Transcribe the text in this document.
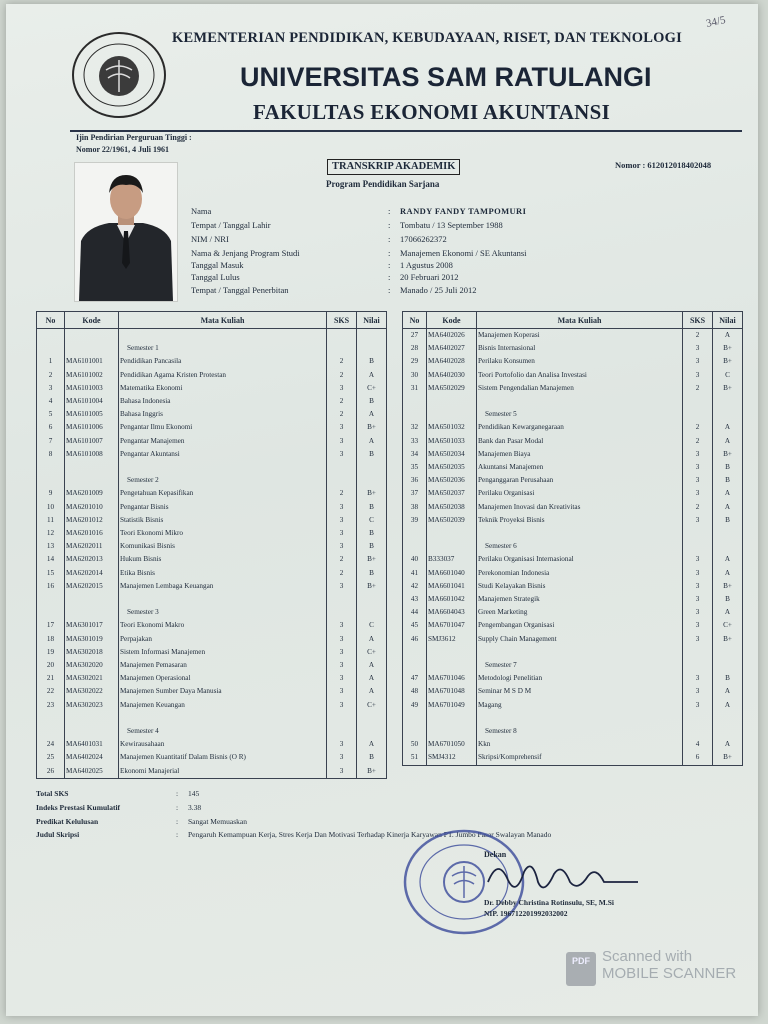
34/5
KEMENTERIAN PENDIDIKAN, KEBUDAYAAN, RISET, DAN TEKNOLOGI
UNIVERSITAS SAM RATULANGI
FAKULTAS EKONOMI AKUNTANSI
Ijin Pendirian Perguruan Tinggi :
Nomor 22/1961, 4 Juli 1961
TRANSKRIP AKADEMIK
Program Pendidikan Sarjana
Nomor : 612012018402048
Nama	: RANDY FANDY TAMPOMURI
Tempat / Tanggal Lahir	: Tombatu / 13 September 1988
NIM / NRI	: 17066262372
Nama & Jenjang Program Studi	: Manajemen Ekonomi / SE Akuntansi
Tanggal Masuk	: 1 Agustus 2008
Tanggal Lulus	: 20 Februari 2012
Tempat / Tanggal Penerbitan	: Manado / 25 Juli 2012
No	Kode	Mata Kuliah	SKS	Nilai

		Semester 1		
1	MA6101001	Pendidikan Pancasila	2	B
2	MA6101002	Pendidikan Agama Kristen Protestan	2	A
3	MA6101003	Matematika Ekonomi	3	C+
4	MA6101004	Bahasa Indonesia	2	B
5	MA6101005	Bahasa Inggris	2	A
6	MA6101006	Pengantar Ilmu Ekonomi	3	B+
7	MA6101007	Pengantar Manajemen	3	A
8	MA6101008	Pengantar Akuntansi	3	B

		Semester 2		
9	MA6201009	Pengetahuan Kepasifikan	2	B+
10	MA6201010	Pengantar Bisnis	3	B
11	MA6201012	Statistik Bisnis	3	C
12	MA6201016	Teori Ekonomi Mikro	3	B
13	MA6202011	Komunikasi Bisnis	3	B
14	MA6202013	Hukum Bisnis	2	B+
15	MA6202014	Etika Bisnis	2	B
16	MA6202015	Manajemen Lembaga Keuangan	3	B+

		Semester 3		
17	MA6301017	Teori Ekonomi Makro	3	C
18	MA6301019	Perpajakan	3	A
19	MA6302018	Sistem Informasi Manajemen	3	C+
20	MA6302020	Manajemen Pemasaran	3	A
21	MA6302021	Manajemen Operasional	3	A
22	MA6302022	Manajemen Sumber Daya Manusia	3	A
23	MA6302023	Manajemen Keuangan	3	C+

		Semester 4		
24	MA6401031	Kewirausahaan	3	A
25	MA6402024	Manajemen Kuantitatif Dalam Bisnis (O R)	3	B
26	MA6402025	Ekonomi Manajerial	3	B+
No	Kode	Mata Kuliah	SKS	Nilai
27	MA6402026	Manajemen Koperasi	2	A
28	MA6402027	Bisnis Internasional	3	B+
29	MA6402028	Perilaku Konsumen	3	B+
30	MA6402030	Teori Portofolio dan Analisa Investasi	3	C
31	MA6502029	Sistem Pengendalian Manajemen	2	B+

		Semester 5		
32	MA6501032	Pendidikan Kewarganegaraan	2	A
33	MA6501033	Bank dan Pasar Modal	2	A
34	MA6502034	Manajemen Biaya	3	B+
35	MA6502035	Akuntansi Manajemen	3	B
36	MA6502036	Penganggaran Perusahaan	3	B
37	MA6502037	Perilaku Organisasi	3	A
38	MA6502038	Manajemen Inovasi dan Kreativitas	2	A
39	MA6502039	Teknik Proyeksi Bisnis	3	B

		Semester 6		
40	B333037	Perilaku Organisasi Internasional	3	A
41	MA6601040	Perekonomian Indonesia	3	A
42	MA6601041	Studi Kelayakan Bisnis	3	B+
43	MA6601042	Manajemen Strategik	3	B
44	MA6604043	Green Marketing	3	A
45	MA6701047	Pengembangan Organisasi	3	C+
46	SMJ3612	Supply Chain Management	3	B+

		Semester 7		
47	MA6701046	Metodologi Penelitian	3	B
48	MA6701048	Seminar M S D M	3	A
49	MA6701049	Magang	3	A

		Semester 8		
50	MA6701050	Kkn	4	A
51	SMJ4312	Skripsi/Komprehensif	6	B+
Total SKS	: 145
Indeks Prestasi Kumulatif	: 3.38
Predikat Kelulusan	: Sangat Memuaskan
Judul Skripsi	: Pengaruh Kemampuan Kerja, Stres Kerja Dan Motivasi Terhadap Kinerja Karyawan PT. Jumbo Pasar Swalayan Manado
Dekan
Dr. Debby Christina Rotinsulu, SE, M.Si
NIP. 196712201992032002
PDF Scanned with
MOBILE SCANNER
